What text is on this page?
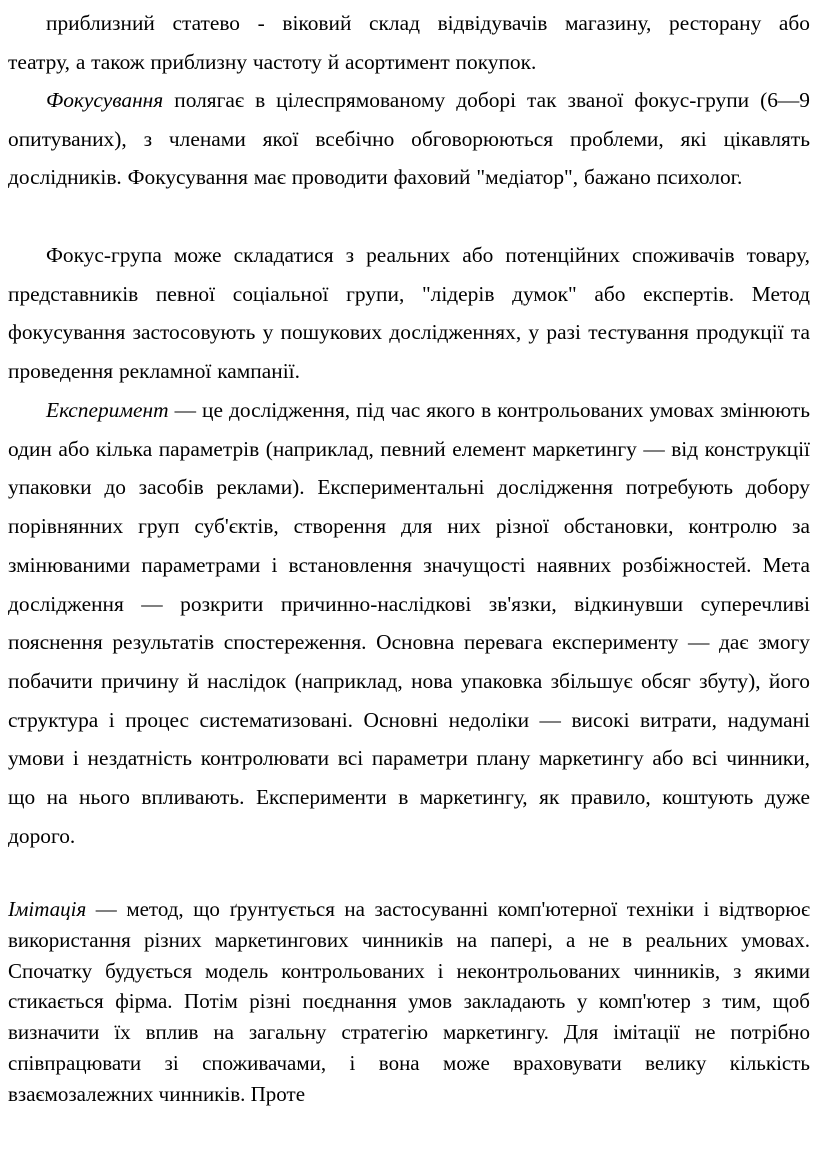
приблизний статево - віковий склад відвідувачів магазину, ресторану або
театру, а також приблизну частоту й асортимент покупок.

Фокусування полягає в цілеспрямованому доборі так званої фокус-групи (6—9 опитуваних), з членами якої всебічно обговорюються проблеми, які цікавлять дослідників. Фокусування має проводити фаховий "медіатор", бажано психолог.

Фокус-група може складатися з реальних або потенційних споживачів товару, представників певної соціальної групи, "лідерів думок" або експертів. Метод фокусування застосовують у пошукових дослідженнях, у разі тестування продукції та проведення рекламної кампанії.

Експеримент — це дослідження, під час якого в контрольованих умовах змінюють один або кілька параметрів (наприклад, певний елемент маркетингу — від конструкції упаковки до засобів реклами). Експериментальні дослідження потребують добору порівнянних груп суб'єктів, створення для них різної обстановки, контролю за змінюваними параметрами і встановлення значущості наявних розбіжностей. Мета дослідження — розкрити причинно-наслідкові зв'язки, відкинувши суперечливі пояснення результатів спостереження. Основна перевага експерименту — дає змогу побачити причину й наслідок (наприклад, нова упаковка збільшує обсяг збуту), його структура і процес систематизовані. Основні недоліки — високі витрати, надумані умови і нездатність контролювати всі параметри плану маркетингу або всі чинники, що на нього впливають. Експерименти в маркетингу, як правило, коштують дуже дорого.

Імітація — метод, що ґрунтується на застосуванні комп'ютерної техніки і відтворює використання різних маркетингових чинників на папері, а не в реальних умовах. Спочатку будується модель контрольованих і неконтрольованих чинників, з якими стикається фірма. Потім різні поєднання умов закладають у комп'ютер з тим, щоб визначити їх вплив на загальну стратегію маркетингу. Для імітації не потрібно співпрацювати зі споживачами, і вона може враховувати велику кількість взаємозалежних чинників. Проте
